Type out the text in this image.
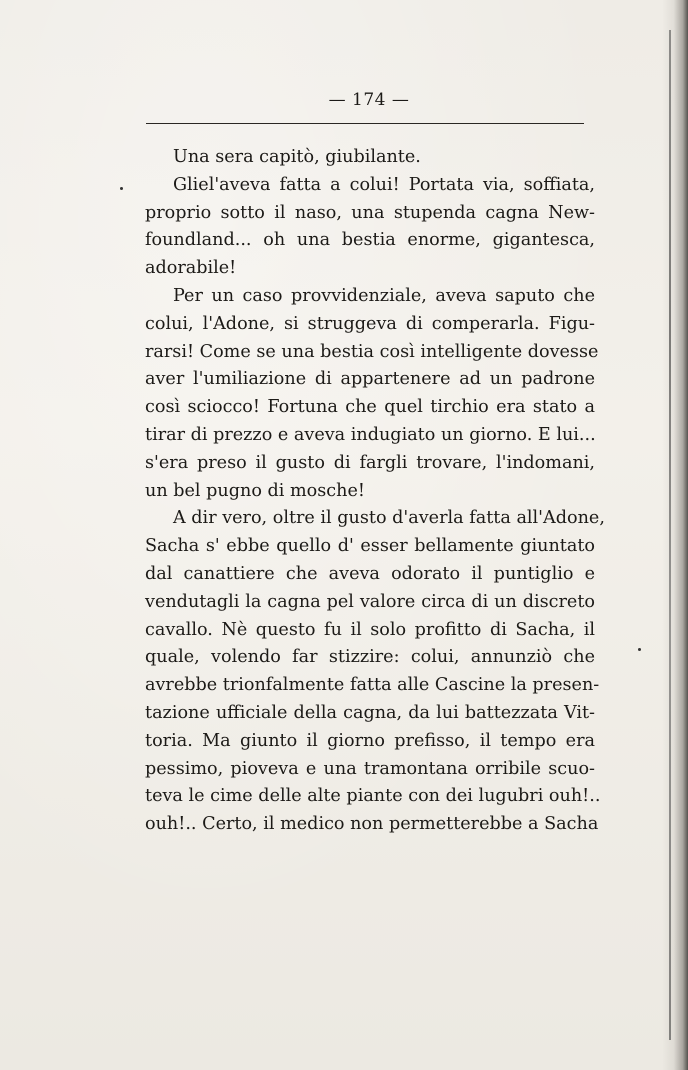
— 174 —
Una sera capitò, giubilante.
Gliel'aveva fatta a colui! Portata via, soffiata,
proprio sotto il naso, una stupenda cagna New-
foundland... oh una bestia enorme, gigantesca,
adorabile!
Per un caso provvidenziale, aveva saputo che
colui, l'Adone, si struggeva di comperarla. Figu-
rarsi! Come se una bestia così intelligente dovesse
aver l'umiliazione di appartenere ad un padrone
così sciocco! Fortuna che quel tirchio era stato a
tirar di prezzo e aveva indugiato un giorno. E lui...
s'era preso il gusto di fargli trovare, l'indomani,
un bel pugno di mosche!
A dir vero, oltre il gusto d'averla fatta all'Adone,
Sacha s' ebbe quello d' esser bellamente giuntato
dal canattiere che aveva odorato il puntiglio e
vendutagli la cagna pel valore circa di un discreto
cavallo. Nè questo fu il solo profitto di Sacha, il
quale, volendo far stizzire: colui, annunziò che
avrebbe trionfalmente fatta alle Cascine la presen-
tazione ufficiale della cagna, da lui battezzata Vit-
toria. Ma giunto il giorno prefisso, il tempo era
pessimo, pioveva e una tramontana orribile scuo-
teva le cime delle alte piante con dei lugubri ouh!..
ouh!.. Certo, il medico non permetterebbe a Sacha
